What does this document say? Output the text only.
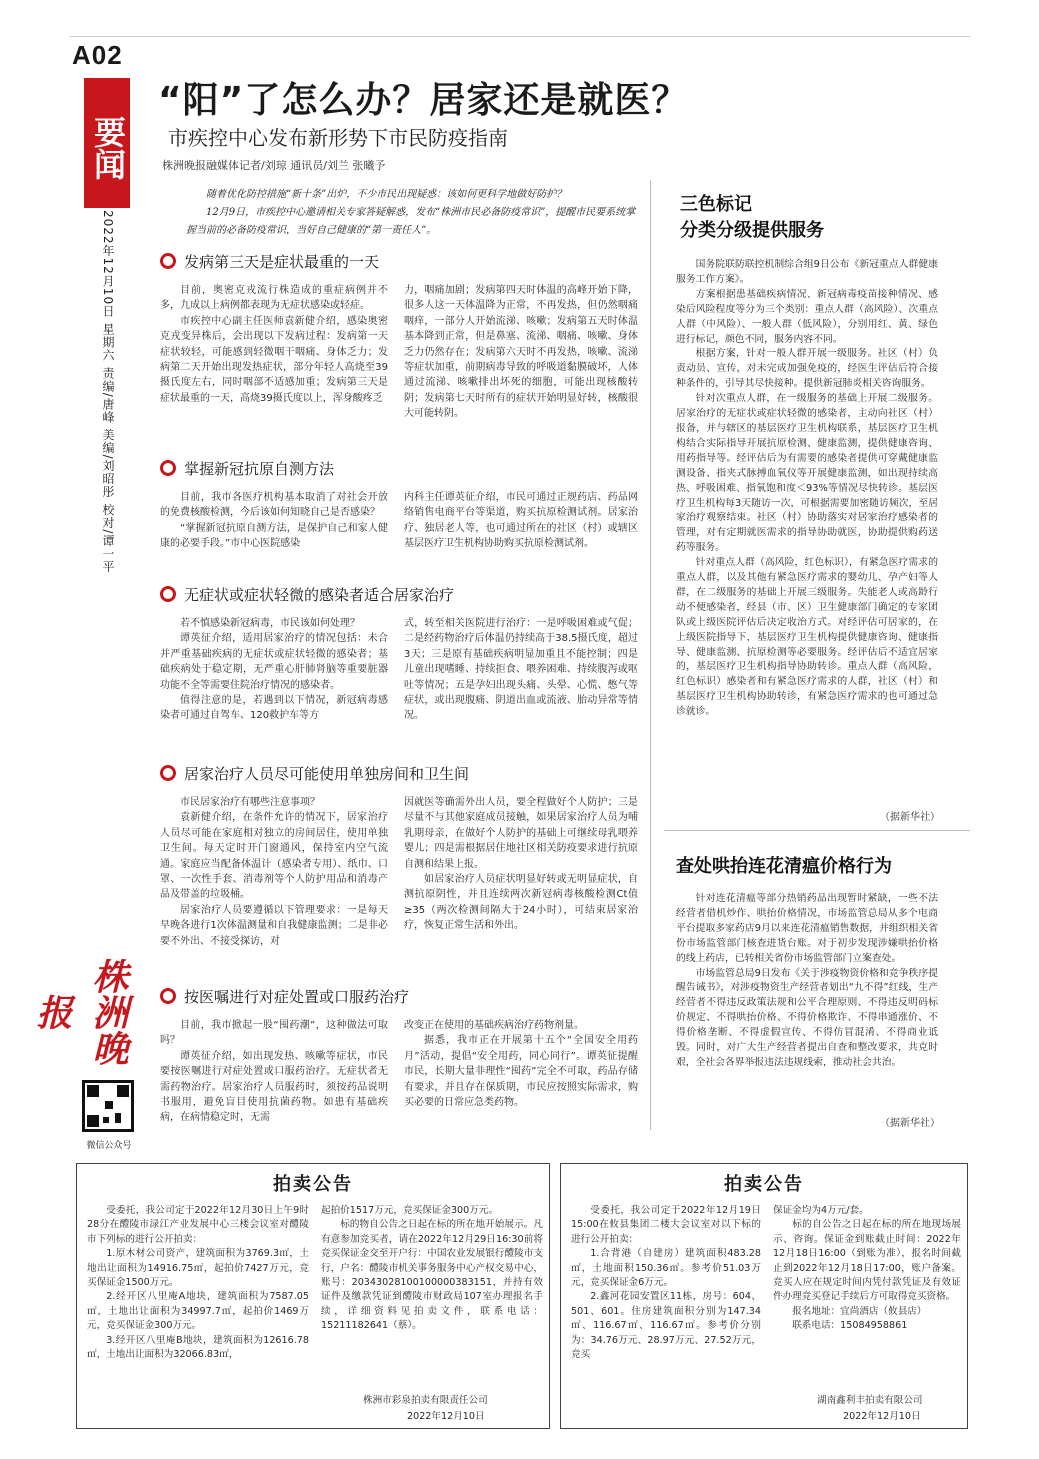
A02
要闻
2022年12月10日 星期六 责编/唐峰 美编/刘昭彤 校对/谭一平
株洲晚报
微信公众号
“阳”了怎么办？居家还是就医？
市疾控中心发布新形势下市民防疫指南
株洲晚报融媒体记者/刘琼 通讯员/刘兰 张曦予

随着优化防控措施“新十条”出炉，不少市民出现疑惑：该如何更科学地做好防护？

12月9日，市疾控中心邀请相关专家答疑解惑，发布“株洲市民必备防疫常识”，提醒市民要系统掌握当前的必备防疫常识，当好自己健康的“第一责任人”。

发病第三天是症状最重的一天

目前，奥密克戎流行株造成的重症病例并不多，九成以上病例都表现为无症状感染或轻症。

市疾控中心副主任医师袁新健介绍，感染奥密克戎变异株后，会出现以下发病过程：发病第一天症状较轻，可能感到轻微咽干咽痛、身体乏力；发病第二天开始出现发热症状，部分年轻人高烧至39摄氏度左右，同时咽部不适感加重；发病第三天是症状最重的一天，高烧39摄氏度以上，浑身酸疼乏

力，咽痛加剧；发病第四天时体温的高峰开始下降，很多人这一天体温降为正常，不再发热，但仍然咽痛咽痒，一部分人开始流涕、咳嗽；发病第五天时体温基本降到正常，但是鼻塞、流涕、咽痛、咳嗽、身体乏力仍然存在；发病第六天时不再发热，咳嗽、流涕等症状加重，前期病毒导致的呼吸道黏膜破坏，人体通过流涕、咳嗽排出坏死的细胞，可能出现核酸转阴；发病第七天时所有的症状开始明显好转，核酸很大可能转阴。

掌握新冠抗原自测方法

目前，我市各医疗机构基本取消了对社会开放的免费核酸检测，今后该如何知晓自己是否感染？

“掌握新冠抗原自测方法，是保护自己和家人健康的必要手段。”市中心医院感染

内科主任谭英征介绍，市民可通过正规药店、药品网络销售电商平台等渠道，购买抗原检测试剂。居家治疗、独居老人等，也可通过所在的社区（村）或辖区基层医疗卫生机构协助购买抗原检测试剂。

无症状或症状轻微的感染者适合居家治疗

若不慎感染新冠病毒，市民该如何处理？

谭英征介绍，适用居家治疗的情况包括：未合并严重基础疾病的无症状或症状轻微的感染者；基础疾病处于稳定期，无严重心肝肺肾脑等重要脏器功能不全等需要住院治疗情况的感染者。

值得注意的是，若遇到以下情况，新冠病毒感染者可通过自驾车、120救护车等方

式，转至相关医院进行治疗：一是呼吸困难或气促；二是经药物治疗后体温仍持续高于38.5摄氏度，超过3天；三是原有基础疾病明显加重且不能控制；四是儿童出现嗜睡、持续拒食、喂养困难、持续腹泻或呕吐等情况；五是孕妇出现头痛、头晕、心慌、憋气等症状，或出现腹痛、阴道出血或流液、胎动异常等情况。

居家治疗人员尽可能使用单独房间和卫生间

市民居家治疗有哪些注意事项？

袁新健介绍，在条件允许的情况下，居家治疗人员尽可能在家庭相对独立的房间居住，使用单独卫生间。每天定时开门窗通风，保持室内空气流通。家庭应当配备体温计（感染者专用）、纸巾、口罩、一次性手套、消毒剂等个人防护用品和消毒产品及带盖的垃圾桶。

居家治疗人员要遵循以下管理要求：一是每天早晚各进行1次体温测量和自我健康监测；二是非必要不外出、不接受探访，对

因就医等确需外出人员，要全程做好个人防护；三是尽量不与其他家庭成员接触，如果居家治疗人员为哺乳期母亲，在做好个人防护的基础上可继续母乳喂养婴儿；四是需根据居住地社区相关防疫要求进行抗原自测和结果上报。

如居家治疗人员症状明显好转或无明显症状，自测抗原阴性，并且连续两次新冠病毒核酸检测Ct值≥35（两次检测间隔大于24小时），可结束居家治疗，恢复正常生活和外出。

按医嘱进行对症处置或口服药治疗

目前，我市掀起一股“囤药潮”，这种做法可取吗？

谭英征介绍，如出现发热、咳嗽等症状，市民要按医嘱进行对症处置或口服药治疗。无症状者无需药物治疗。居家治疗人员服药时，须按药品说明书服用，避免盲目使用抗菌药物。如患有基础疾病，在病情稳定时，无需

改变正在使用的基础疾病治疗药物剂量。

据悉，我市正在开展第十五个“全国安全用药月”活动，提倡“安全用药，同心同行”。谭英征提醒市民，长期大量非理性“囤药”完全不可取，药品存储有要求，并且存在保质期，市民应按照实际需求，购买必要的日常应急类药物。

三色标记
分类分级提供服务

国务院联防联控机制综合组9日公布《新冠重点人群健康服务工作方案》。

方案根据患基础疾病情况、新冠病毒疫苗接种情况、感染后风险程度等分为三个类别：重点人群（高风险）、次重点人群（中风险）、一般人群（低风险），分别用红、黄、绿色进行标记，颜色不同，服务内容不同。

根据方案，针对一般人群开展一级服务。社区（村）负责动员、宣传，对未完成加强免疫的，经医生评估后符合接种条件的，引导其尽快接种。提供新冠肺炎相关咨询服务。

针对次重点人群，在一级服务的基础上开展二级服务。居家治疗的无症状或症状轻微的感染者，主动向社区（村）报备，并与辖区的基层医疗卫生机构联系，基层医疗卫生机构结合实际指导开展抗原检测、健康监测，提供健康咨询、用药指导等。经评估后为有需要的感染者提供可穿戴健康监测设备、指夹式脉搏血氧仪等开展健康监测，如出现持续高热、呼吸困难、指氧饱和度＜93%等情况尽快转诊。基层医疗卫生机构每3天随访一次，可根据需要加密随访频次，至居家治疗观察结束。社区（村）协助落实对居家治疗感染者的管理，对有定期就医需求的指导协助就医，协助提供购药送药等服务。

针对重点人群（高风险，红色标识），有紧急医疗需求的重点人群，以及其他有紧急医疗需求的婴幼儿、孕产妇等人群，在二级服务的基础上开展三级服务。失能老人或高龄行动不便感染者，经县（市、区）卫生健康部门确定的专家团队或上级医院评估后决定收治方式。对经评估可居家的，在上级医院指导下，基层医疗卫生机构提供健康咨询、健康指导、健康监测、抗原检测等必要服务。经评估后不适宜居家的，基层医疗卫生机构指导协助转诊。重点人群（高风险，红色标识）感染者和有紧急医疗需求的人群，社区（村）和基层医疗卫生机构协助转诊，有紧急医疗需求的也可通过急诊就诊。

（据新华社）
查处哄抬连花清瘟价格行为

针对连花清瘟等部分热销药品出现暂时紧缺，一些不法经营者借机炒作、哄抬价格情况，市场监管总局从多个电商平台提取多家药店9月以来连花清瘟销售数据，并组织相关省份市场监管部门核查进货台账。对于初步发现涉嫌哄抬价格的线上药店，已转相关省份市场监管部门立案查处。

市场监管总局9日发布《关于涉疫物资价格和竞争秩序提醒告诫书》，对涉疫物资生产经营者划出“九不得”红线，生产经营者不得违反政策法规和公平合理原则、不得违反明码标价规定、不得哄抬价格、不得价格欺诈、不得串通涨价、不得价格垄断、不得虚假宣传、不得仿冒混淆、不得商业诋毁。同时，对广大生产经营者提出自查和整改要求，共克时艰，全社会各界举报违法违规线索，推动社会共治。

（据新华社）
拍卖公告

受委托，我公司定于2022年12月30日上午9时28分在醴陵市渌江产业发展中心三楼会议室对醴陵市下列标的进行公开拍卖：

1.原木材公司资产，建筑面积为3769.3㎡，土地出让面积为14916.75㎡，起拍价7427万元，竞买保证金1500万元。

2.经开区八里庵A地块，建筑面积为7587.05㎡，土地出让面积为34997.7㎡，起拍价1469万元，竞买保证金300万元。

3.经开区八里庵B地块，建筑面积为12616.78㎡，土地出让面积为32066.83㎡，

起拍价1517万元，竞买保证金300万元。

标的物自公告之日起在标的所在地开始展示。凡有意参加竞买者，请在2022年12月29日16:30前将竞买保证金交至开户行：中国农业发展银行醴陵市支行，户名：醴陵市机关事务服务中心产权交易中心，账号：20343028100100000383151，并持有效证件及缴款凭证到醴陵市财政局107室办理报名手续，详细资料见拍卖文件，联系电话：15211182641（蔡）。

株洲市彩泉拍卖有限责任公司
2022年12月10日
拍卖公告

受委托，我公司定于2022年12月19日15:00在攸县集团二楼大会议室对以下标的进行公开拍卖：

1.合背港（自建房）建筑面积483.28㎡，土地面积150.36㎡。参考价51.03万元，竞买保证金6万元。

2.鑫河花园安置区11栋，房号：604、501、601。住房建筑面积分别为147.34㎡、116.67㎡、116.67㎡。参考价分别为：34.76万元、28.97万元、27.52万元，竞买

保证金均为4万元/套。

标的自公告之日起在标的所在地现场展示、咨询。保证金到账截止时间：2022年12月18日16:00（到账为准），报名时间截止到2022年12月18日17:00，账户备案。竞买人应在规定时间内凭付款凭证及有效证件办理竞买登记手续后方可取得竞买资格。

报名地址：宜尚酒店（攸县店）

联系电话：15084958861

湖南鑫利丰拍卖有限公司
2022年12月10日
